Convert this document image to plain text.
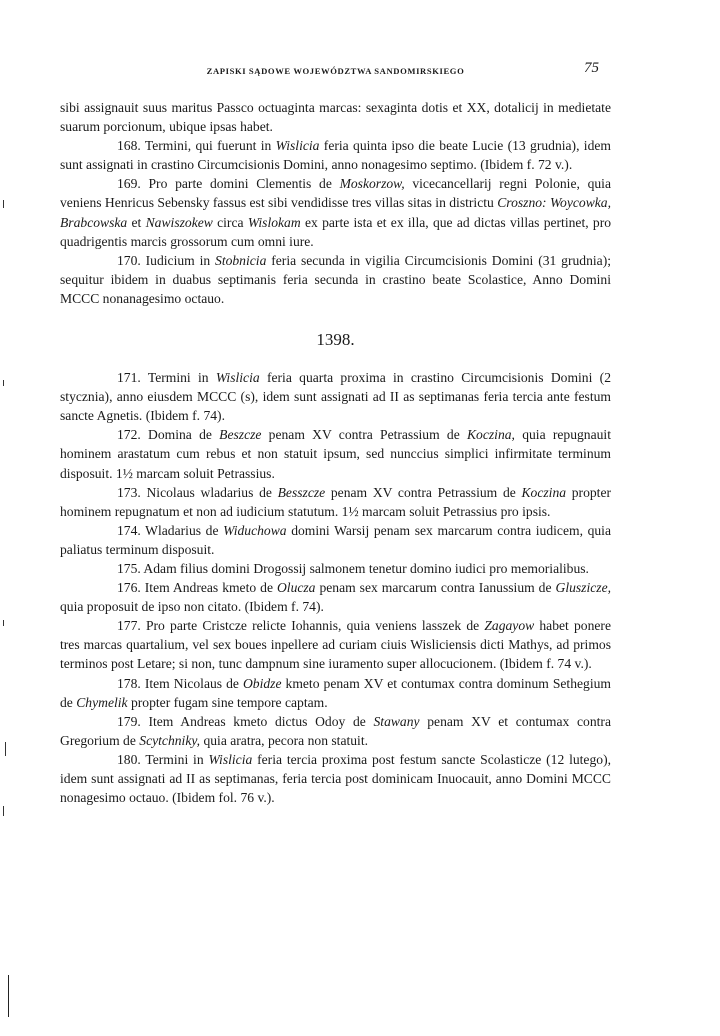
ZAPISKI SĄDOWE WOJEWÓDZTWA SANDOMIRSKIEGO	75

sibi assignauit suus maritus Passco octuaginta marcas: sexaginta dotis et XX, dotalicij in medietate suarum porcionum, ubique ipsas habet.

168. Termini, qui fuerunt in Wislicia feria quinta ipso die beate Lucie (13 grudnia), idem sunt assignati in crastino Circumcisionis Domini, anno nonagesimo septimo. (Ibidem f. 72 v.).

169. Pro parte domini Clementis de Moskorzow, vicecancellarij regni Polonie, quia veniens Henricus Sebensky fassus est sibi vendidisse tres villas sitas in districtu Croszno: Woycowka, Brabcowska et Nawiszokew circa Wislokam ex parte ista et ex illa, que ad dictas villas pertinet, pro quadrigentis marcis grossorum cum omni iure.

170. Iudicium in Stobnicia feria secunda in vigilia Circumcisionis Domini (31 grudnia); sequitur ibidem in duabus septimanis feria secunda in crastino beate Scolastice, Anno Domini MCCC nonanagesimo octauo.

1398.

171. Termini in Wislicia feria quarta proxima in crastino Circumcisionis Domini (2 stycznia), anno eiusdem MCCC (s), idem sunt assignati ad II as septimanas feria tercia ante festum sancte Agnetis. (Ibidem f. 74).

172. Domina de Beszcze penam XV contra Petrassium de Koczina, quia repugnauit hominem arastatum cum rebus et non statuit ipsum, sed nunccius simplici infirmitate terminum disposuit. 1½ marcam soluit Petrassius.

173. Nicolaus wladarius de Besszcze penam XV contra Petrassium de Koczina propter hominem repugnatum et non ad iudicium statutum. 1½ marcam soluit Petrassius pro ipsis.

174. Wladarius de Widuchowa domini Warsij penam sex marcarum contra iudicem, quia paliatus terminum disposuit.

175. Adam filius domini Drogossij salmonem tenetur domino iudici pro memorialibus.

176. Item Andreas kmeto de Olucza penam sex marcarum contra Ianussium de Glusziczе, quia proposuit de ipso non citato. (Ibidem f. 74).

177. Pro parte Cristcze relicte Iohannis, quia veniens lasszek de Zagayow habet ponere tres marcas quartalium, vel sex boues inpellere ad curiam ciuis Wisliciensis dicti Mathys, ad primos terminos post Letare; si non, tunc dampnum sine iuramento super allocucionem. (Ibidem f. 74 v.).

178. Item Nicolaus de Obidze kmeto penam XV et contumax contra dominum Sethegium de Chymelik propter fugam sine tempore captam.

179. Item Andreas kmeto dictus Odoy de Stawany penam XV et contumax contra Gregorium de Scytchniky, quia aratra, pecora non statuit.

180. Termini in Wislicia feria tercia proxima post festum sancte Scolasticze (12 lutego), idem sunt assignati ad II as septimanas, feria tercia post dominicam Inuocauit, anno Domini MCCC nonagesimo octauo. (Ibidem fol. 76 v.).
